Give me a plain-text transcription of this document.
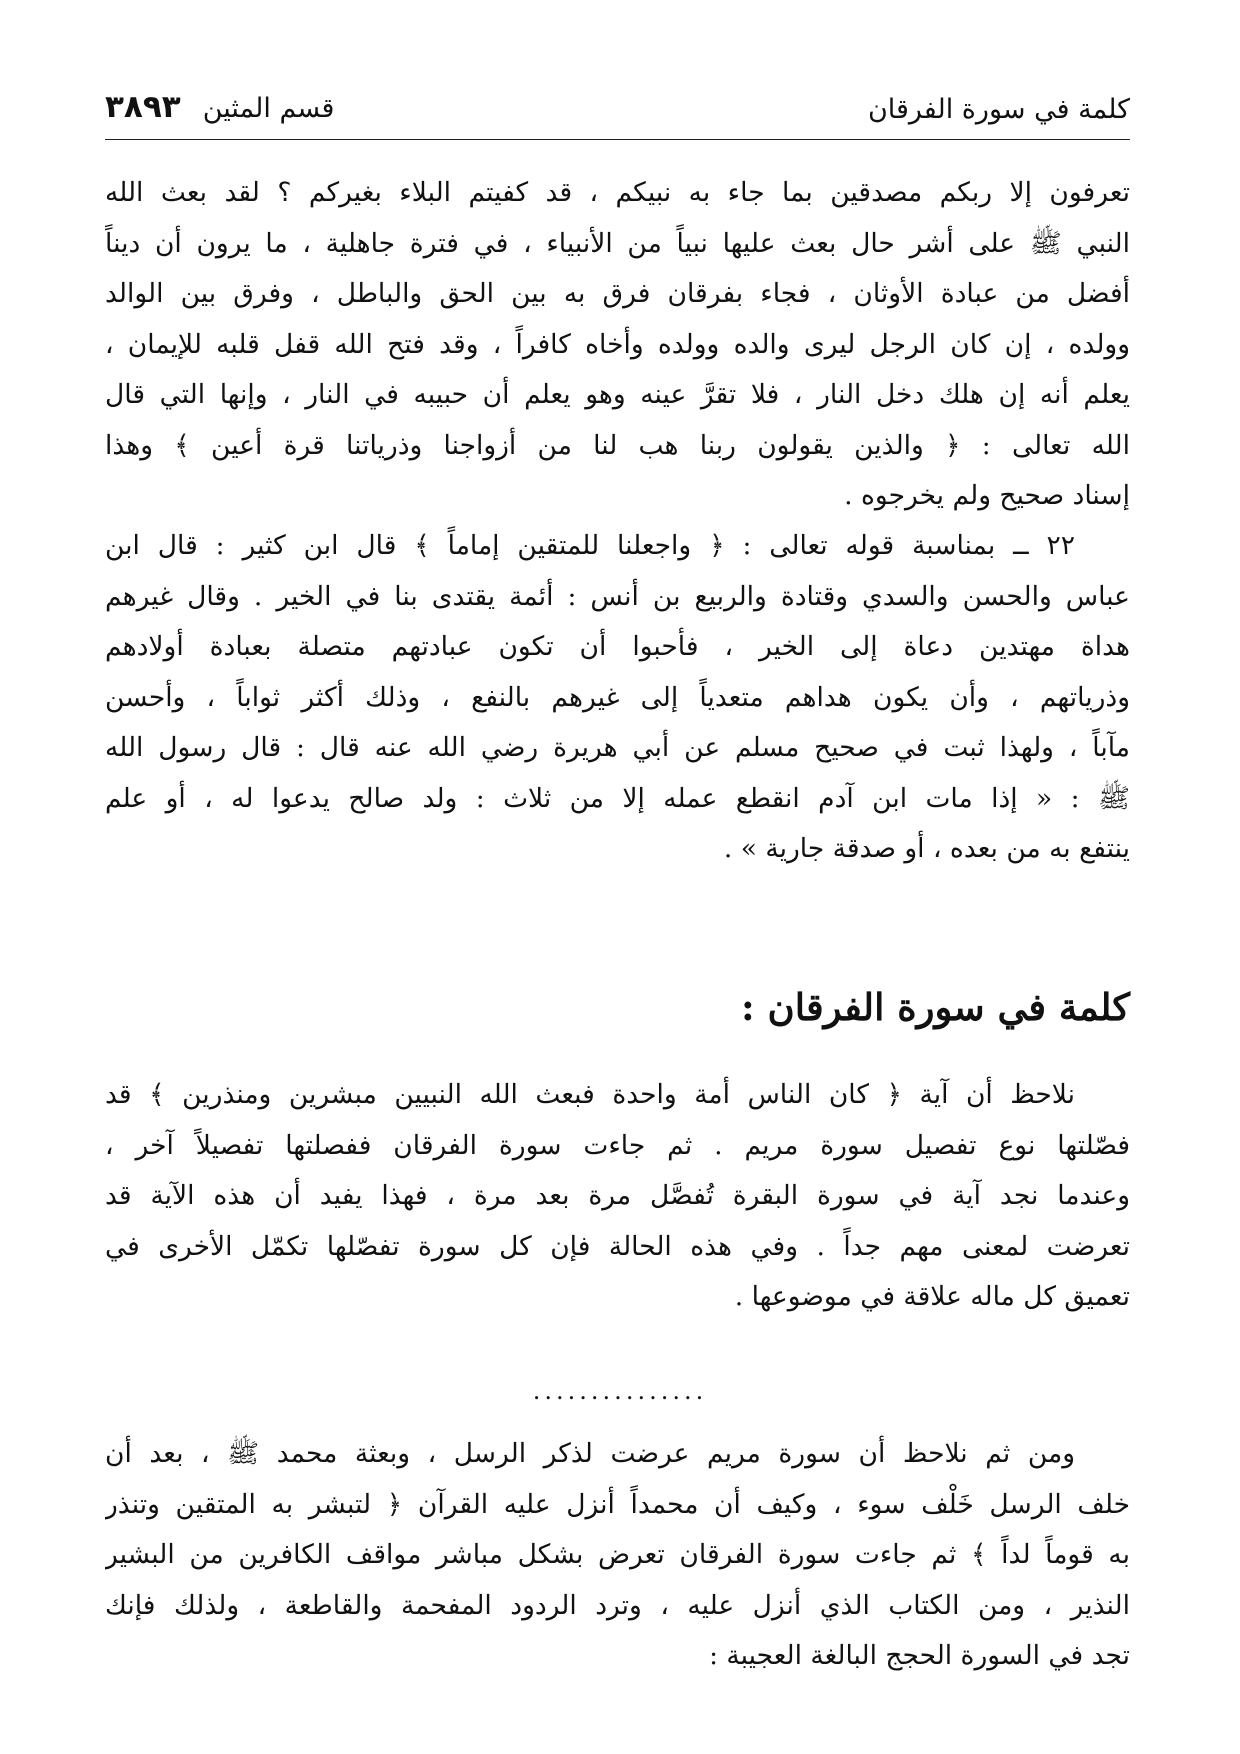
كلمة في سورة الفرقان
قسم المثين
٣٨٩٣
تعرفون إلا ربكم مصدقين بما جاء به نبيكم ، قد كفيتم البلاء بغيركم ؟ لقد بعث الله
النبي ﷺ على أشر حال بعث عليها نبياً من الأنبياء ، في فترة جاهلية ، ما يرون أن ديناً
أفضل من عبادة الأوثان ، فجاء بفرقان فرق به بين الحق والباطل ، وفرق بين الوالد
وولده ، إن كان الرجل ليرى والده وولده وأخاه كافراً ، وقد فتح الله قفل قلبه للإيمان ،
يعلم أنه إن هلك دخل النار ، فلا تقرَّ عينه وهو يعلم أن حبيبه في النار ، وإنها التي قال
الله تعالى : ﴿ والذين يقولون ربنا هب لنا من أزواجنا وذرياتنا قرة أعين ﴾ وهذا
إسناد صحيح ولم يخرجوه .
٢٢ ــ بمناسبة قوله تعالى : ﴿ واجعلنا للمتقين إماماً ﴾ قال ابن كثير : قال ابن
عباس والحسن والسدي وقتادة والربيع بن أنس : أئمة يقتدى بنا في الخير . وقال غيرهم
هداة مهتدين دعاة إلى الخير ، فأحبوا أن تكون عبادتهم متصلة بعبادة أولادهم
وذرياتهم ، وأن يكون هداهم متعدياً إلى غيرهم بالنفع ، وذلك أكثر ثواباً ، وأحسن
مآباً ، ولهذا ثبت في صحيح مسلم عن أبي هريرة رضي الله عنه قال : قال رسول الله
ﷺ : « إذا مات ابن آدم انقطع عمله إلا من ثلاث : ولد صالح يدعوا له ، أو علم
ينتفع به من بعده ، أو صدقة جارية » .
كلمة في سورة الفرقان :
نلاحظ أن آية ﴿ كان الناس أمة واحدة فبعث الله النبيين مبشرين ومنذرين ﴾ قد
فصّلتها نوع تفصيل سورة مريم . ثم جاءت سورة الفرقان ففصلتها تفصيلاً آخر ،
وعندما نجد آية في سورة البقرة تُفصَّل مرة بعد مرة ، فهذا يفيد أن هذه الآية قد
تعرضت لمعنى مهم جداً . وفي هذه الحالة فإن كل سورة تفصّلها تكمّل الأخرى في
تعميق كل ماله علاقة في موضوعها .
...............
ومن ثم نلاحظ أن سورة مريم عرضت لذكر الرسل ، وبعثة محمد ﷺ ، بعد أن
خلف الرسل خَلْف سوء ، وكيف أن محمداً أنزل عليه القرآن ﴿ لتبشر به المتقين وتنذر
به قوماً لداً ﴾ ثم جاءت سورة الفرقان تعرض بشكل مباشر مواقف الكافرين من البشير
النذير ، ومن الكتاب الذي أنزل عليه ، وترد الردود المفحمة والقاطعة ، ولذلك فإنك
تجد في السورة الحجج البالغة العجيبة :
